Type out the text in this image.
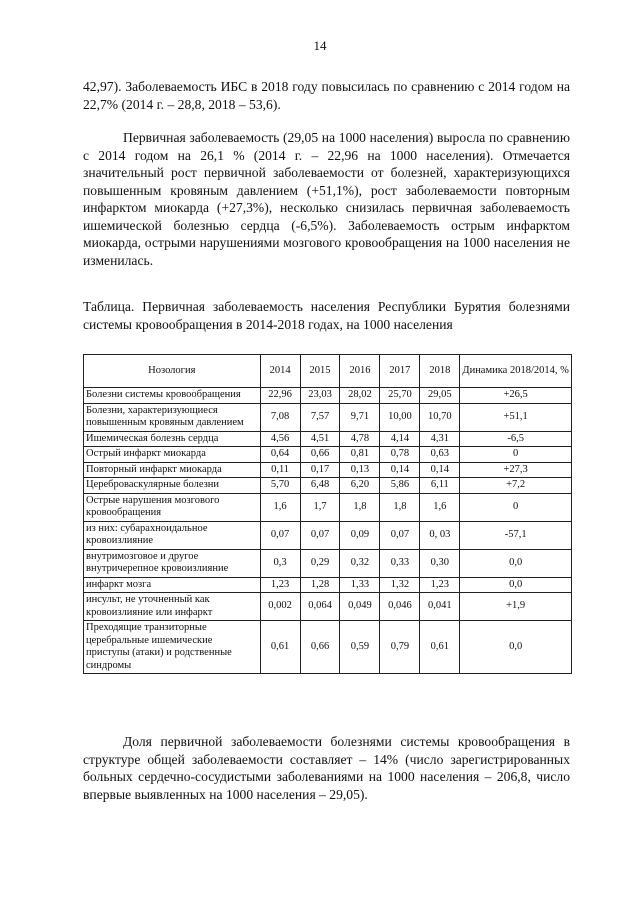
14

42,97). Заболеваемость ИБС в 2018 году повысилась по сравнению с 2014 годом на 22,7% (2014 г. – 28,8, 2018 – 53,6).

Первичная заболеваемость (29,05 на 1000 населения) выросла по сравнению с 2014 годом на 26,1 % (2014 г. – 22,96 на 1000 населения). Отмечается значительный рост первичной заболеваемости от болезней, характеризующихся повышенным кровяным давлением (+51,1%), рост заболеваемости повторным инфарктом миокарда (+27,3%), несколько снизилась первичная заболеваемость ишемической болезнью сердца (-6,5%). Заболеваемость острым инфарктом миокарда, острыми нарушениями мозгового кровообращения на 1000 населения не изменилась.

Таблица. Первичная заболеваемость населения Республики Бурятия болезнями системы кровообращения в 2014-2018 годах, на 1000 населения

Нозология	2014	2015	2016	2017	2018	Динамика 2018/2014, %
Болезни системы кровообращения	22,96	23,03	28,02	25,70	29,05	+26,5
Болезни, характеризующиеся повышенным кровяным давлением	7,08	7,57	9,71	10,00	10,70	+51,1
Ишемическая болезнь сердца	4,56	4,51	4,78	4,14	4,31	-6,5
Острый инфаркт миокарда	0,64	0,66	0,81	0,78	0,63	0
Повторный инфаркт миокарда	0,11	0,17	0,13	0,14	0,14	+27,3
Цереброваскулярные болезни	5,70	6,48	6,20	5,86	6,11	+7,2
Острые нарушения мозгового кровообращения	1,6	1,7	1,8	1,8	1,6	0
из них: субарахноидальное кровоизлияние	0,07	0,07	0,09	0,07	0, 03	-57,1
внутримозговое и другое внутричерепное кровоизлияние	0,3	0,29	0,32	0,33	0,30	0,0
инфаркт мозга	1,23	1,28	1,33	1,32	1,23	0,0
инсульт, не уточненный как кровоизлияние или инфаркт	0,002	0,064	0,049	0,046	0,041	+1,9
Преходящие транзиторные церебральные ишемические приступы (атаки) и родственные синдромы	0,61	0,66	0,59	0,79	0,61	0,0

Доля первичной заболеваемости болезнями системы кровообращения в структуре общей заболеваемости составляет – 14% (число зарегистрированных больных сердечно-сосудистыми заболеваниями на 1000 населения – 206,8, число впервые выявленных на 1000 населения – 29,05).
